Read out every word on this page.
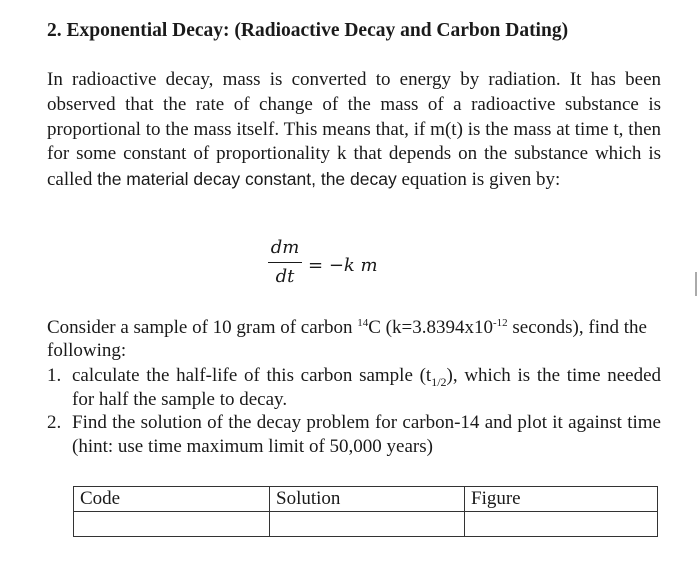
2. Exponential Decay: (Radioactive Decay and Carbon Dating)
In radioactive decay, mass is converted to energy by radiation. It has been observed that the rate of change of the mass of a radioactive substance is proportional to the mass itself. This means that, if m(t) is the mass at time t, then for some constant of proportionality k that depends on the substance which is called the material decay constant, the decay equation is given by:
dm
dt
= −k m
Consider a sample of 10 gram of carbon $^{14}$C ($k=3.8394x10^{-12}$ seconds), find the following:
1. calculate the half-life of this carbon sample $(t_{1/2})$, which is the time needed for half the sample to decay.
2. Find the solution of the decay problem for carbon-14 and plot it against time (hint: use time maximum limit of 50,000 years)
Code	Solution	Figure
